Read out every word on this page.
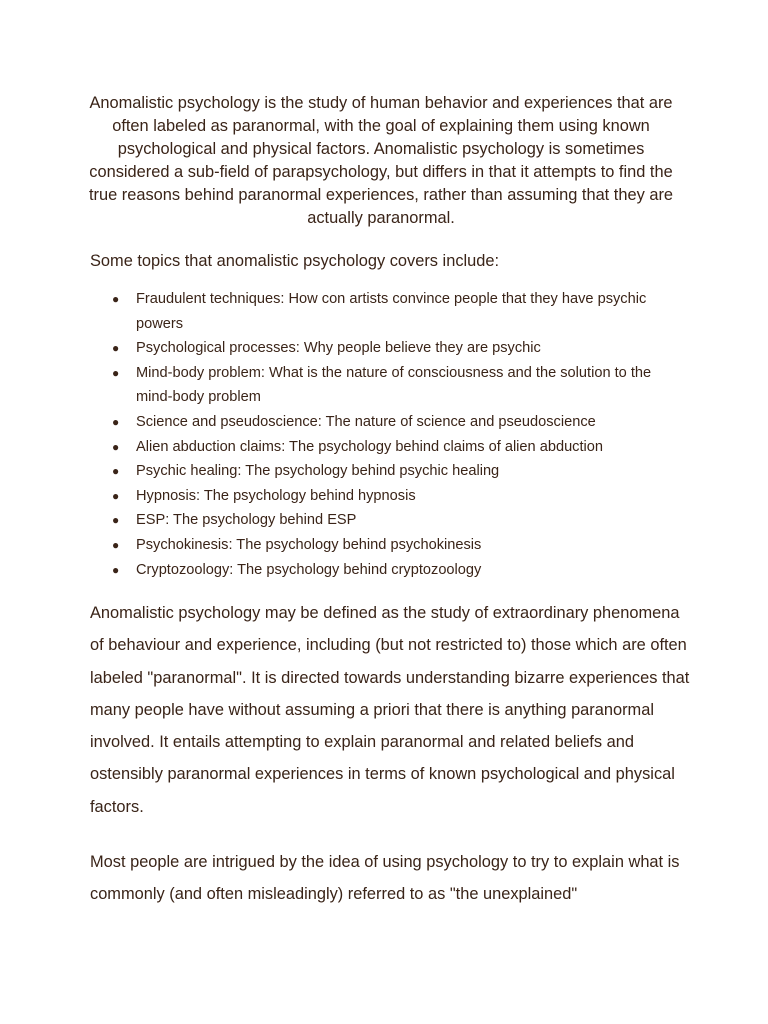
Anomalistic psychology is the study of human behavior and experiences that are often labeled as paranormal, with the goal of explaining them using known psychological and physical factors. Anomalistic psychology is sometimes considered a sub-field of parapsychology, but differs in that it attempts to find the true reasons behind paranormal experiences, rather than assuming that they are actually paranormal.

Some topics that anomalistic psychology covers include:

● Fraudulent techniques: How con artists convince people that they have psychic powers
● Psychological processes: Why people believe they are psychic
● Mind-body problem: What is the nature of consciousness and the solution to the mind-body problem
● Science and pseudoscience: The nature of science and pseudoscience
● Alien abduction claims: The psychology behind claims of alien abduction
● Psychic healing: The psychology behind psychic healing
● Hypnosis: The psychology behind hypnosis
● ESP: The psychology behind ESP
● Psychokinesis: The psychology behind psychokinesis
● Cryptozoology: The psychology behind cryptozoology

Anomalistic psychology may be defined as the study of extraordinary phenomena of behaviour and experience, including (but not restricted to) those which are often labeled "paranormal". It is directed towards understanding bizarre experiences that many people have without assuming a priori that there is anything paranormal involved. It entails attempting to explain paranormal and related beliefs and ostensibly paranormal experiences in terms of known psychological and physical factors.

Most people are intrigued by the idea of using psychology to try to explain what is commonly (and often misleadingly) referred to as "the unexplained"
